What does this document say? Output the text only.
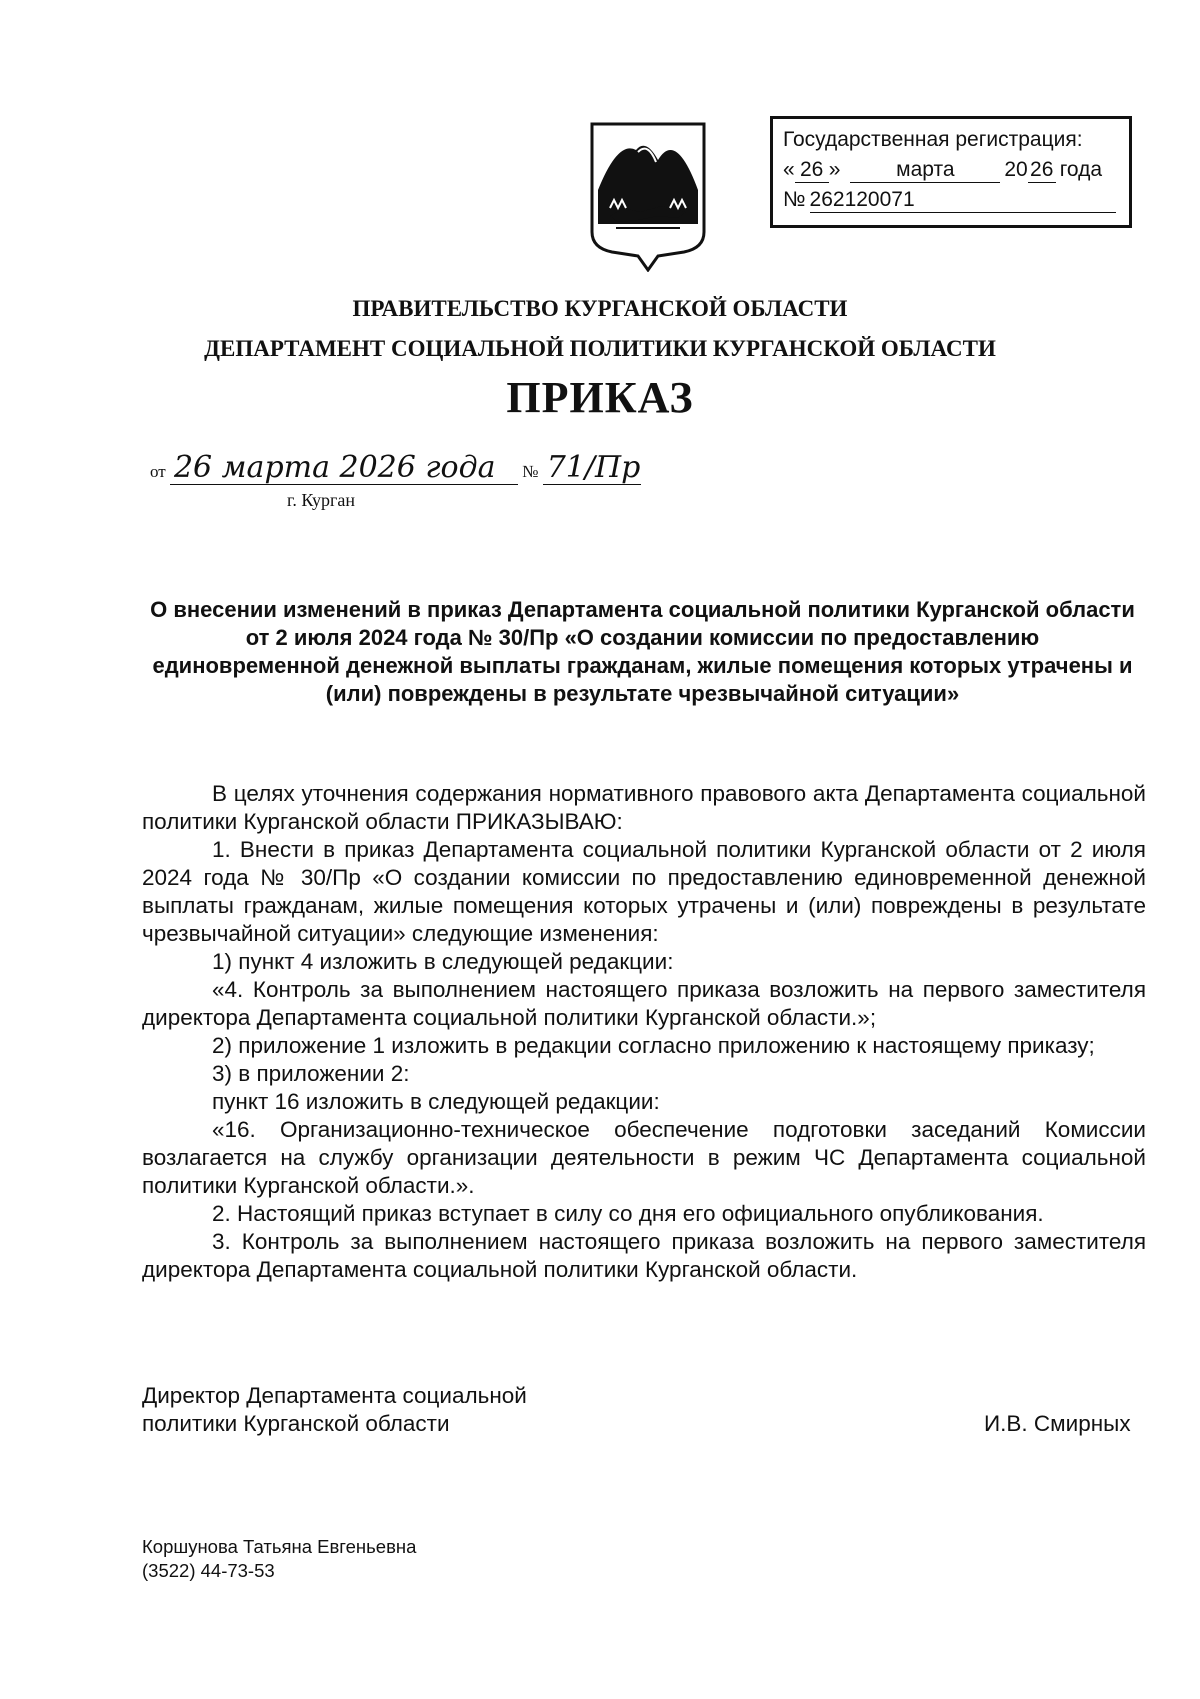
Государственная регистрация:
« 26 »	марта	20 26 года
№ 262120071
ПРАВИТЕЛЬСТВО КУРГАНСКОЙ ОБЛАСТИ
ДЕПАРТАМЕНТ СОЦИАЛЬНОЙ ПОЛИТИКИ КУРГАНСКОЙ ОБЛАСТИ
ПРИКАЗ
от 26 марта 2026 года № 71/Пр
г. Курган

О внесении изменений в приказ Департамента социальной политики Курганской области от 2 июля 2024 года № 30/Пр «О создании комиссии по предоставлению единовременной денежной выплаты гражданам, жилые помещения которых утрачены и (или) повреждены в результате чрезвычайной ситуации»

В целях уточнения содержания нормативного правового акта Департамента социальной политики Курганской области ПРИКАЗЫВАЮ:

1. Внести в приказ Департамента социальной политики Курганской области от 2 июля 2024 года № 30/Пр «О создании комиссии по предоставлению единовременной денежной выплаты гражданам, жилые помещения которых утрачены и (или) повреждены в результате чрезвычайной ситуации» следующие изменения:

1) пункт 4 изложить в следующей редакции:

«4. Контроль за выполнением настоящего приказа возложить на первого заместителя директора Департамента социальной политики Курганской области.»;

2) приложение 1 изложить в редакции согласно приложению к настоящему приказу;

3) в приложении 2:

пункт 16 изложить в следующей редакции:

«16. Организационно-техническое обеспечение подготовки заседаний Комиссии возлагается на службу организации деятельности в режим ЧС Департамента социальной политики Курганской области.».

2. Настоящий приказ вступает в силу со дня его официального опубликования.

3. Контроль за выполнением настоящего приказа возложить на первого заместителя директора Департамента социальной политики Курганской области.

Директор Департамента социальной
политики Курганской области	И.В. Смирных
Коршунова Татьяна Евгеньевна
(3522) 44-73-53
